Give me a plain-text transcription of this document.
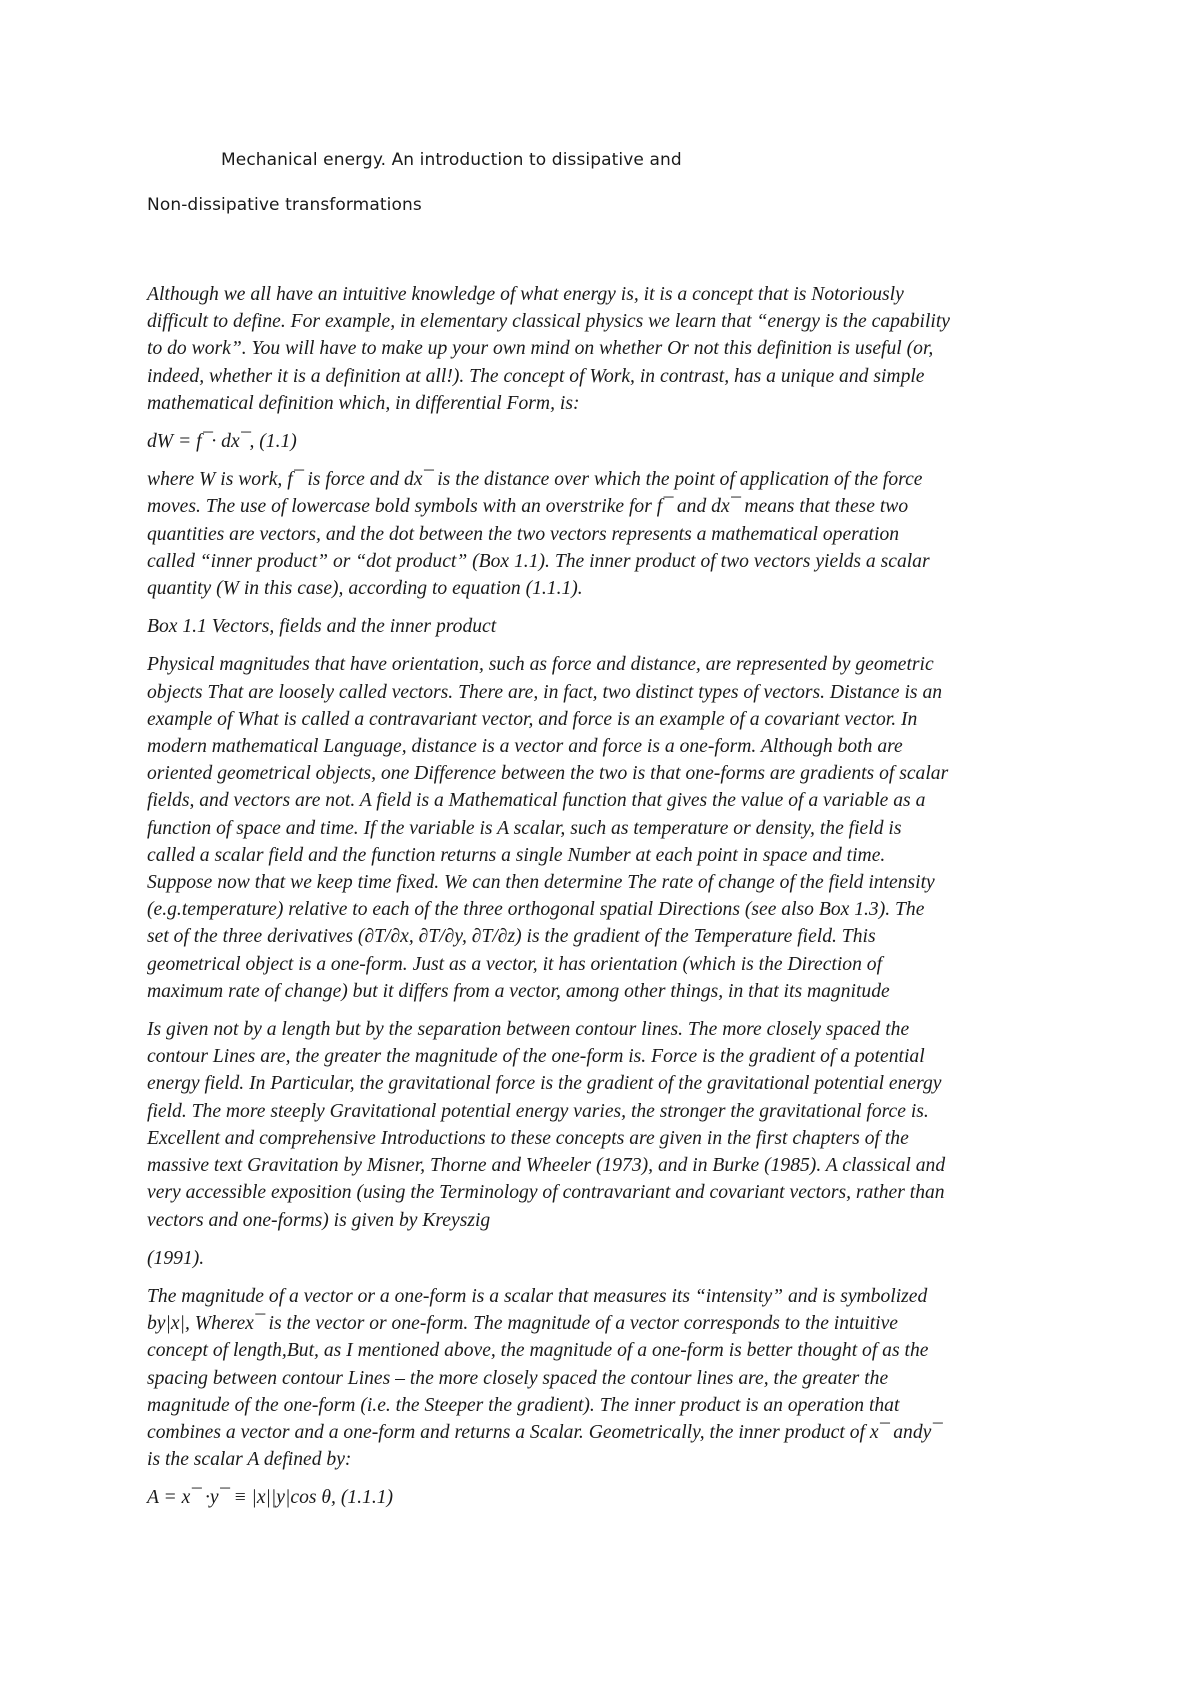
Mechanical energy. An introduction to dissipative and
Non-dissipative transformations

Although we all have an intuitive knowledge of what energy is, it is a concept that is Notoriously
difficult to define. For example, in elementary classical physics we learn that “energy is the capability
to do work”. You will have to make up your own mind on whether Or not this definition is useful (or,
indeed, whether it is a definition at all!). The concept of Work, in contrast, has a unique and simple
mathematical definition which, in differential Form, is:

dW = f¯· dx¯, (1.1)

where W is work, f¯ is force and dx¯ is the distance over which the point of application of the force
moves. The use of lowercase bold symbols with an overstrike for f¯ and dx¯ means that these two
quantities are vectors, and the dot between the two vectors represents a mathematical operation
called “inner product” or “dot product” (Box 1.1). The inner product of two vectors yields a scalar
quantity (W in this case), according to equation (1.1.1).

Box 1.1 Vectors, fields and the inner product

Physical magnitudes that have orientation, such as force and distance, are represented by geometric
objects That are loosely called vectors. There are, in fact, two distinct types of vectors. Distance is an
example of What is called a contravariant vector, and force is an example of a covariant vector. In
modern mathematical Language, distance is a vector and force is a one-form. Although both are
oriented geometrical objects, one Difference between the two is that one-forms are gradients of scalar
fields, and vectors are not. A field is a Mathematical function that gives the value of a variable as a
function of space and time. If the variable is A scalar, such as temperature or density, the field is
called a scalar field and the function returns a single Number at each point in space and time.
Suppose now that we keep time fixed. We can then determine The rate of change of the field intensity
(e.g.temperature) relative to each of the three orthogonal spatial Directions (see also Box 1.3). The
set of the three derivatives (∂T/∂x, ∂T/∂y, ∂T/∂z) is the gradient of the Temperature field. This
geometrical object is a one-form. Just as a vector, it has orientation (which is the Direction of
maximum rate of change) but it differs from a vector, among other things, in that its magnitude

Is given not by a length but by the separation between contour lines. The more closely spaced the
contour Lines are, the greater the magnitude of the one-form is. Force is the gradient of a potential
energy field. In Particular, the gravitational force is the gradient of the gravitational potential energy
field. The more steeply Gravitational potential energy varies, the stronger the gravitational force is.
Excellent and comprehensive Introductions to these concepts are given in the first chapters of the
massive text Gravitation by Misner, Thorne and Wheeler (1973), and in Burke (1985). A classical and
very accessible exposition (using the Terminology of contravariant and covariant vectors, rather than
vectors and one-forms) is given by Kreyszig

(1991).

The magnitude of a vector or a one-form is a scalar that measures its “intensity” and is symbolized
by|x|, Wherex¯ is the vector or one-form. The magnitude of a vector corresponds to the intuitive
concept of length,But, as I mentioned above, the magnitude of a one-form is better thought of as the
spacing between contour Lines – the more closely spaced the contour lines are, the greater the
magnitude of the one-form (i.e. the Steeper the gradient). The inner product is an operation that
combines a vector and a one-form and returns a Scalar. Geometrically, the inner product of x¯ andy¯
is the scalar A defined by:

A = x¯ ·y¯ ≡ |x||y|cos θ, (1.1.1)
